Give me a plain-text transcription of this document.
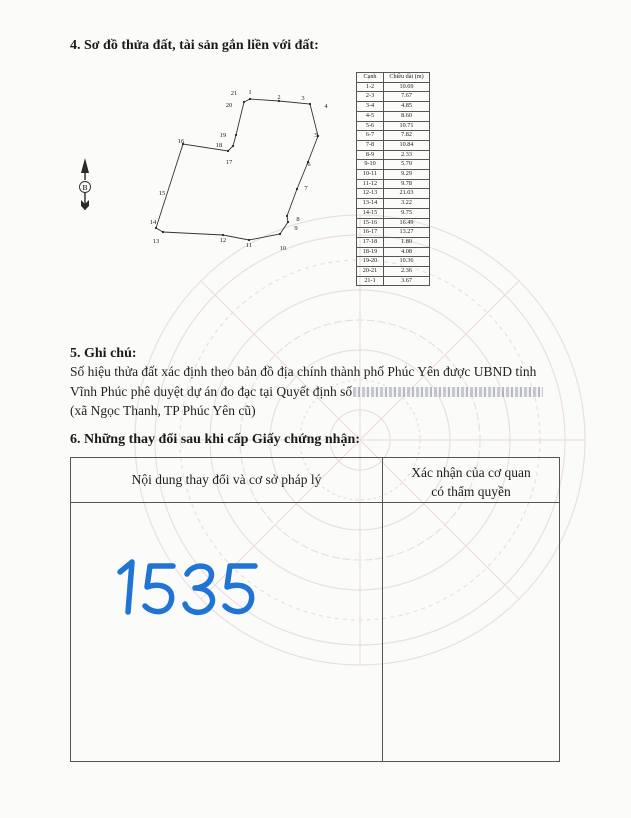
4. Sơ đồ thửa đất, tài sản gắn liền với đất:
B
1
2	3
4
5
6
7
8
9
10
11
12
13
14
15
16
17
18
19
20
21
Cạnh	Chiều dài (m)
1-2	10.69
2-3	7.67
3-4	4.85
4-5	8.60
5-6	10.71
6-7	7.82
7-8	10.84
8-9	2.33
9-10	5.70
10-11	9.29
11-12	9.78
12-13	21.03
13-14	3.22
14-15	9.75
15-16	16.49
16-17	13.27
17-18	1.80
18-19	4.08
19-20	10.36
20-21	2.36
21-1	3.67
5. Ghi chú:
Số hiệu thửa đất xác định theo bản đồ địa chính thành phố Phúc Yên được UBND tỉnh Vĩnh Phúc phê duyệt dự án đo đạc tại Quyết định số(xã Ngọc Thanh, TP Phúc Yên cũ)
6. Những thay đổi sau khi cấp Giấy chứng nhận:
Nội dung thay đổi và cơ sở pháp lý	Xác nhận của cơ quan
có thẩm quyền
